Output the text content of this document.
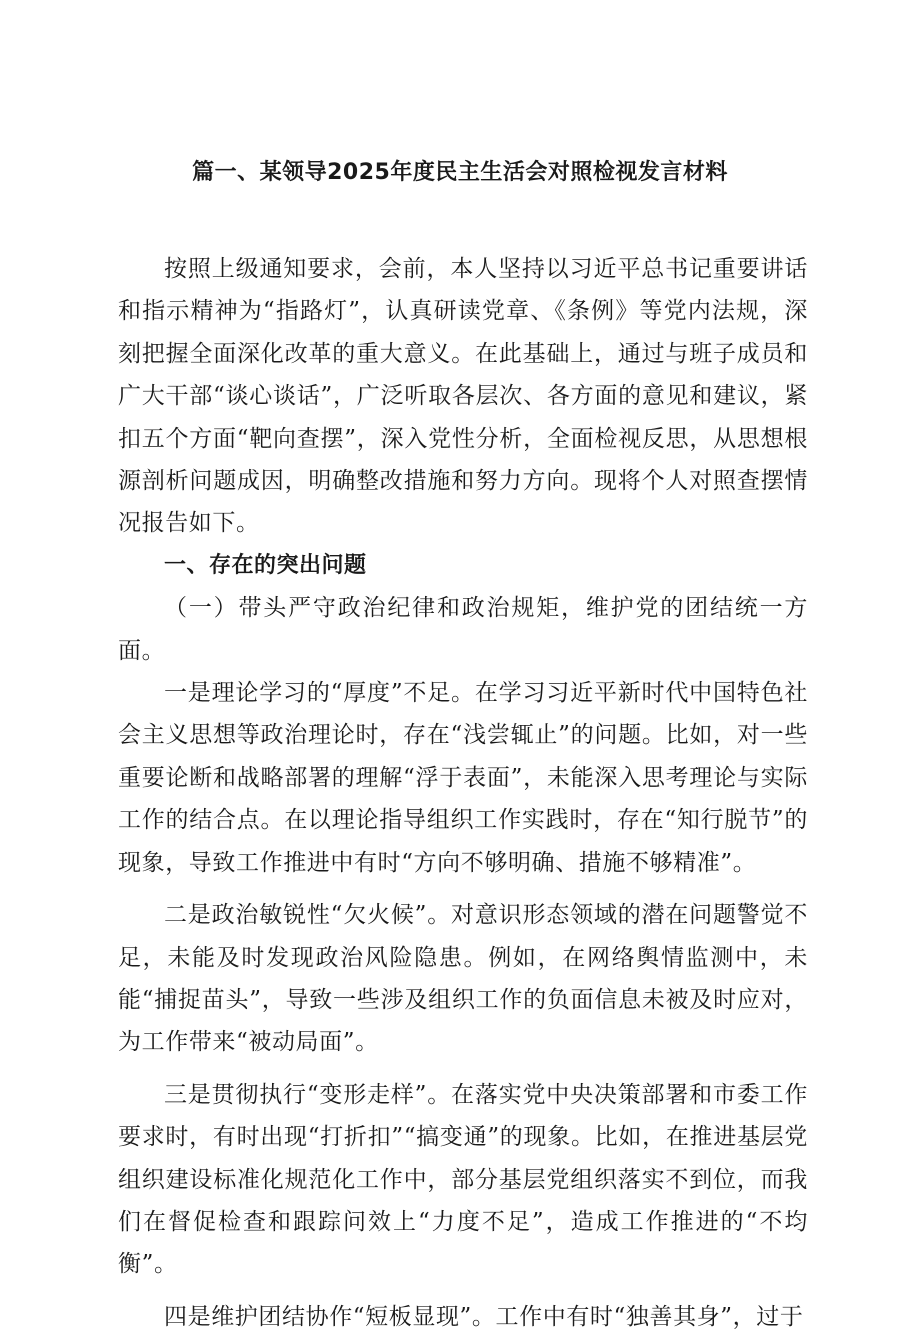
篇一、某领导2025年度民主生活会对照检视发言材料

按照上级通知要求，会前，本人坚持以习近平总书记重要讲话和指示精神为“指路灯”，认真研读党章、《条例》等党内法规，深刻把握全面深化改革的重大意义。在此基础上，通过与班子成员和广大干部“谈心谈话”，广泛听取各层次、各方面的意见和建议，紧扣五个方面“靶向查摆”，深入党性分析，全面检视反思，从思想根源剖析问题成因，明确整改措施和努力方向。现将个人对照查摆情况报告如下。

一、存在的突出问题

（一）带头严守政治纪律和政治规矩，维护党的团结统一方面。

一是理论学习的“厚度”不足。在学习习近平新时代中国特色社会主义思想等政治理论时，存在“浅尝辄止”的问题。比如，对一些重要论断和战略部署的理解“浮于表面”，未能深入思考理论与实际工作的结合点。在以理论指导组织工作实践时，存在“知行脱节”的现象，导致工作推进中有时“方向不够明确、措施不够精准”。

二是政治敏锐性“欠火候”。对意识形态领域的潜在问题警觉不足，未能及时发现政治风险隐患。例如，在网络舆情监测中，未能“捕捉苗头”，导致一些涉及组织工作的负面信息未被及时应对，为工作带来“被动局面”。

三是贯彻执行“变形走样”。在落实党中央决策部署和市委工作要求时，有时出现“打折扣”“搞变通”的现象。比如，在推进基层党组织建设标准化规范化工作中，部分基层党组织落实不到位，而我们在督促检查和跟踪问效上“力度不足”，造成工作推进的“不均衡”。

四是维护团结协作“短板显现”。工作中有时“独善其身”，过于
